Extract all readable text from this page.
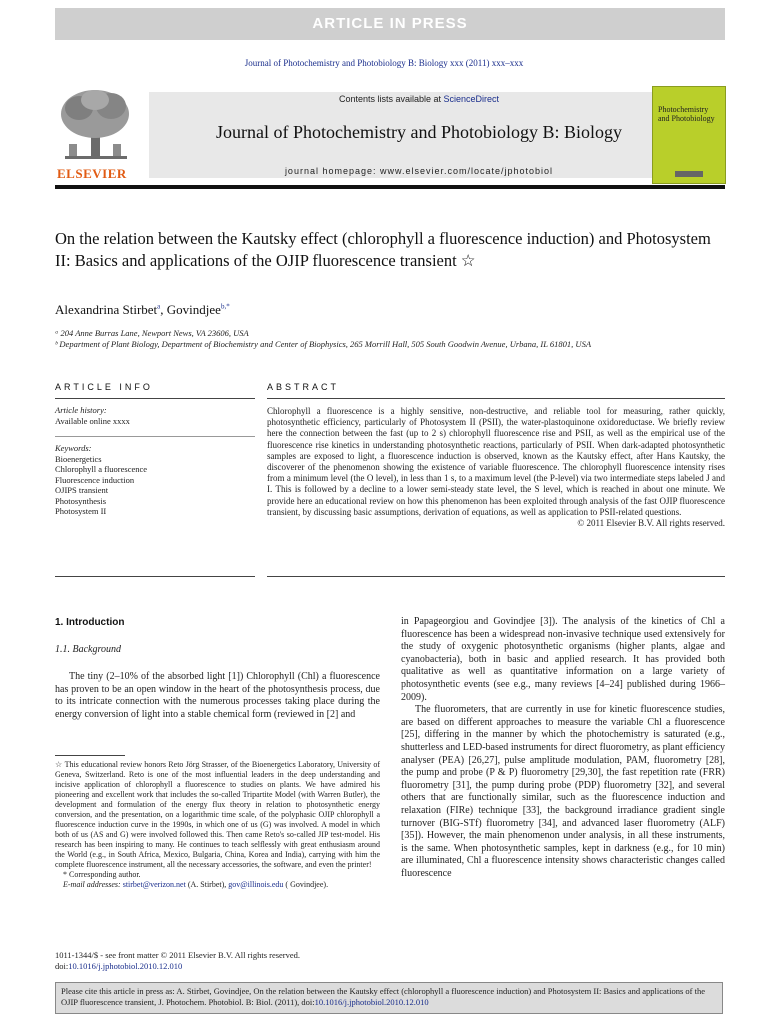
ARTICLE IN PRESS
Journal of Photochemistry and Photobiology B: Biology xxx (2011) xxx–xxx
ELSEVIER
Contents lists available at ScienceDirect
Journal of Photochemistry and Photobiology B: Biology
journal homepage: www.elsevier.com/locate/jphotobiol
Photochemistry and Photobiology
On the relation between the Kautsky effect (chlorophyll a fluorescence induction) and Photosystem II: Basics and applications of the OJIP fluorescence transient ☆
Alexandrina Stirbet$^a$, Govindjee$^{b,*}$
ᵃ 204 Anne Burras Lane, Newport News, VA 23606, USA
ᵇ Department of Plant Biology, Department of Biochemistry and Center of Biophysics, 265 Morrill Hall, 505 South Goodwin Avenue, Urbana, IL 61801, USA
ARTICLE INFO	ABSTRACT
Article history:
Available online xxxx
Keywords:
Bioenergetics
Chlorophyll a fluorescence
Fluorescence induction
OJIPS transient
Photosynthesis
Photosystem II

Chlorophyll a fluorescence is a highly sensitive, non-destructive, and reliable tool for measuring, rather quickly, photosynthetic efficiency, particularly of Photosystem II (PSII), the water-plastoquinone oxidoreductase. We briefly review here the connection between the fast (up to 2 s) chlorophyll fluorescence rise and PSII, as well as the empirical use of the fluorescence rise kinetics in understanding photosynthetic reactions, particularly of PSII. When dark-adapted photosynthetic samples are exposed to light, a fluorescence induction is observed, known as the Kautsky effect, after Hans Kautsky, the discoverer of the phenomenon showing the existence of variable fluorescence. The chlorophyll fluorescence intensity rises from a minimum level (the O level), in less than 1 s, to a maximum level (the P-level) via two intermediate steps labeled J and I. This is followed by a decline to a lower semi-steady state level, the S level, which is reached in about one minute. We provide here an educational review on how this phenomenon has been exploited through analysis of the fast OJIP fluorescence transient, by discussing basic assumptions, derivation of equations, as well as application to PSII-related questions.

© 2011 Elsevier B.V. All rights reserved.

1. Introduction
1.1. Background

The tiny (2–10% of the absorbed light [1]) Chlorophyll (Chl) a fluorescence has proven to be an open window in the heart of the photosynthesis process, due to its intricate connection with the numerous processes taking place during the energy conversion of light into a stable chemical form (reviewed in [2] and

☆ This educational review honors Reto Jörg Strasser, of the Bioenergetics Laboratory, University of Geneva, Switzerland. Reto is one of the most influential leaders in the deep understanding and incisive application of chlorophyll a fluorescence to studies on plants. We have admired his pioneering and excellent work that includes the so-called Tripartite Model (with Warren Butler), the development and formulation of the energy flux theory in relation to photosynthetic energy conversion, and the presentation, on a logarithmic time scale, of the polyphasic OJIP chlorophyll a fluorescence induction curve in the 1990s, in which one of us (G) was involved. A model in which both of us (AS and G) were involved followed this. Then came Reto's so-called JIP test-model. His research has been inspiring to many. He continues to teach selflessly with great enthusiasm around the World (e.g., in South Africa, Mexico, Bulgaria, China, Korea and India), carrying with him the complete fluorescence instrument, all the necessary accessories, the software, and even the printer!

* Corresponding author.

E-mail addresses: stirbet@verizon.net (A. Stirbet), gov@illinois.edu ( Govindjee).

in Papageorgiou and Govindjee [3]). The analysis of the kinetics of Chl a fluorescence has been a widespread non-invasive technique used extensively for the study of oxygenic photosynthetic organisms (higher plants, algae and cyanobacteria), both in basic and applied research. It has provided both qualitative as well as quantitative information on a large variety of photosynthetic events (see e.g., many reviews [4–24] published during 1966–2009).

The fluorometers, that are currently in use for kinetic fluorescence studies, are based on different approaches to measure the variable Chl a fluorescence [25], differing in the manner by which the photochemistry is saturated (e.g., shutterless and LED-based instruments for direct fluorometry, as plant efficiency analyser (PEA) [26,27], pulse amplitude modulation, PAM, fluorometry [28], the pump and probe (P & P) fluorometry [29,30], the fast repetition rate (FRR) fluorometry [31], the pump during probe (PDP) fluorometry [32], and several others that are functionally similar, such as the fluorescence induction and relaxation (FIRe) technique [33], the background irradiance gradient single turnover (BIG-STf) fluorometry [34], and advanced laser fluorometry (ALF) [35]). However, the main phenomenon under analysis, in all these instruments, is the same. When photosynthetic samples, kept in darkness (e.g., for 10 min) are illuminated, Chl a fluorescence intensity shows characteristic changes called fluorescence

1011-1344/$ - see front matter © 2011 Elsevier B.V. All rights reserved.
doi:10.1016/j.jphotobiol.2010.12.010
Please cite this article in press as: A. Stirbet, Govindjee, On the relation between the Kautsky effect (chlorophyll a fluorescence induction) and Photosystem II: Basics and applications of the OJIP fluorescence transient, J. Photochem. Photobiol. B: Biol. (2011), doi:10.1016/j.jphotobiol.2010.12.010
